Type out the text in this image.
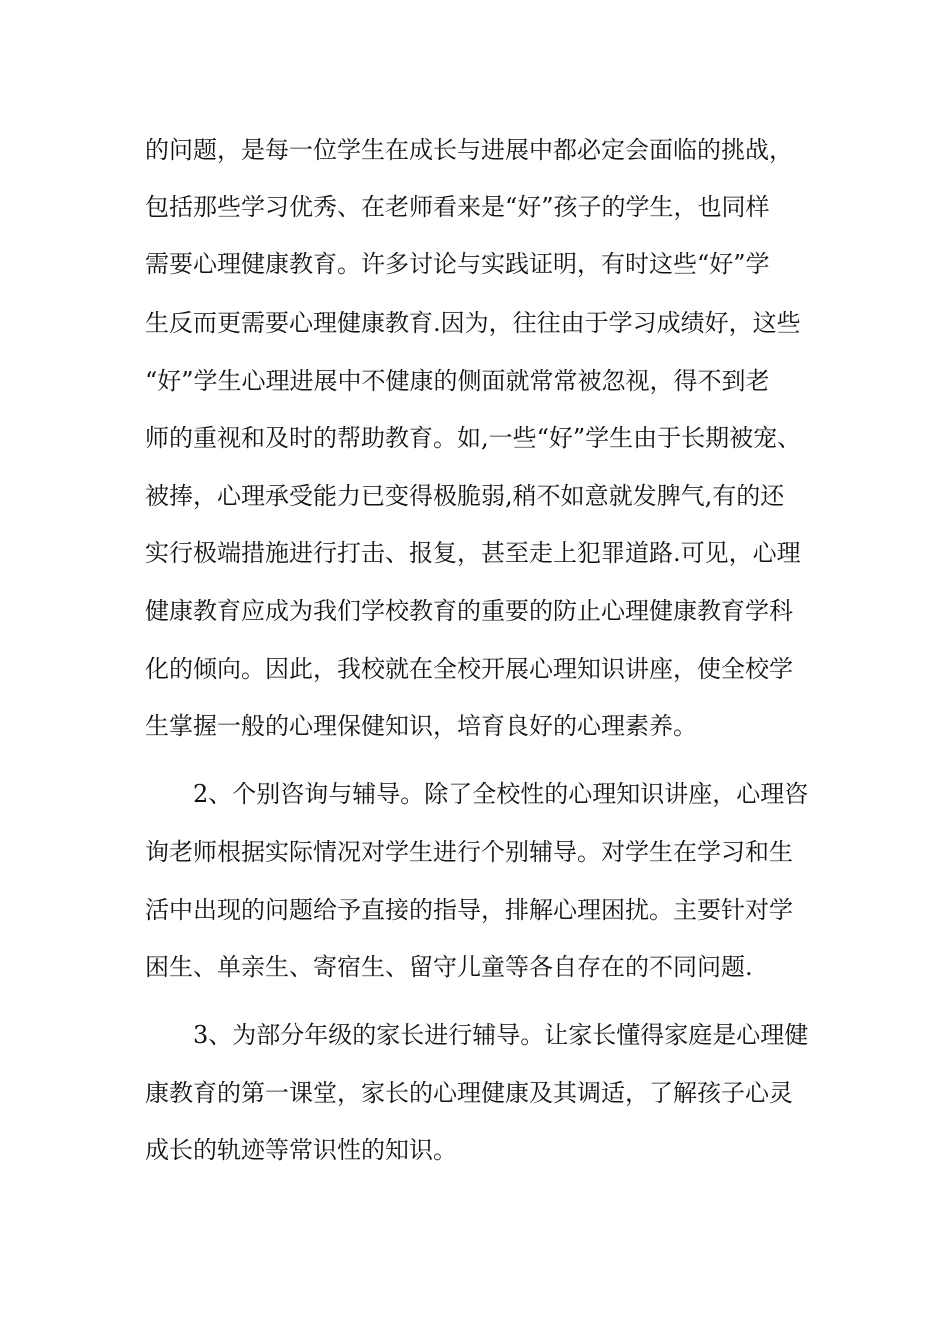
的问题，是每一位学生在成长与进展中都必定会面临的挑战，

包括那些学习优秀、在老师看来是“好”孩子的学生，也同样

需要心理健康教育。许多讨论与实践证明，有时这些“好”学

生反而更需要心理健康教育.因为，往往由于学习成绩好，这些

“好”学生心理进展中不健康的侧面就常常被忽视，得不到老

师的重视和及时的帮助教育。如,一些“好”学生由于长期被宠、

被捧，心理承受能力已变得极脆弱,稍不如意就发脾气,有的还

实行极端措施进行打击、报复，甚至走上犯罪道路.可见，心理

健康教育应成为我们学校教育的重要的防止心理健康教育学科

化的倾向。因此，我校就在全校开展心理知识讲座，使全校学

生掌握一般的心理保健知识，培育良好的心理素养。

2、个别咨询与辅导。除了全校性的心理知识讲座，心理咨

询老师根据实际情况对学生进行个别辅导。对学生在学习和生

活中出现的问题给予直接的指导，排解心理困扰。主要针对学

困生、单亲生、寄宿生、留守儿童等各自存在的不同问题.

3、为部分年级的家长进行辅导。让家长懂得家庭是心理健

康教育的第一课堂，家长的心理健康及其调适，了解孩子心灵

成长的轨迹等常识性的知识。
